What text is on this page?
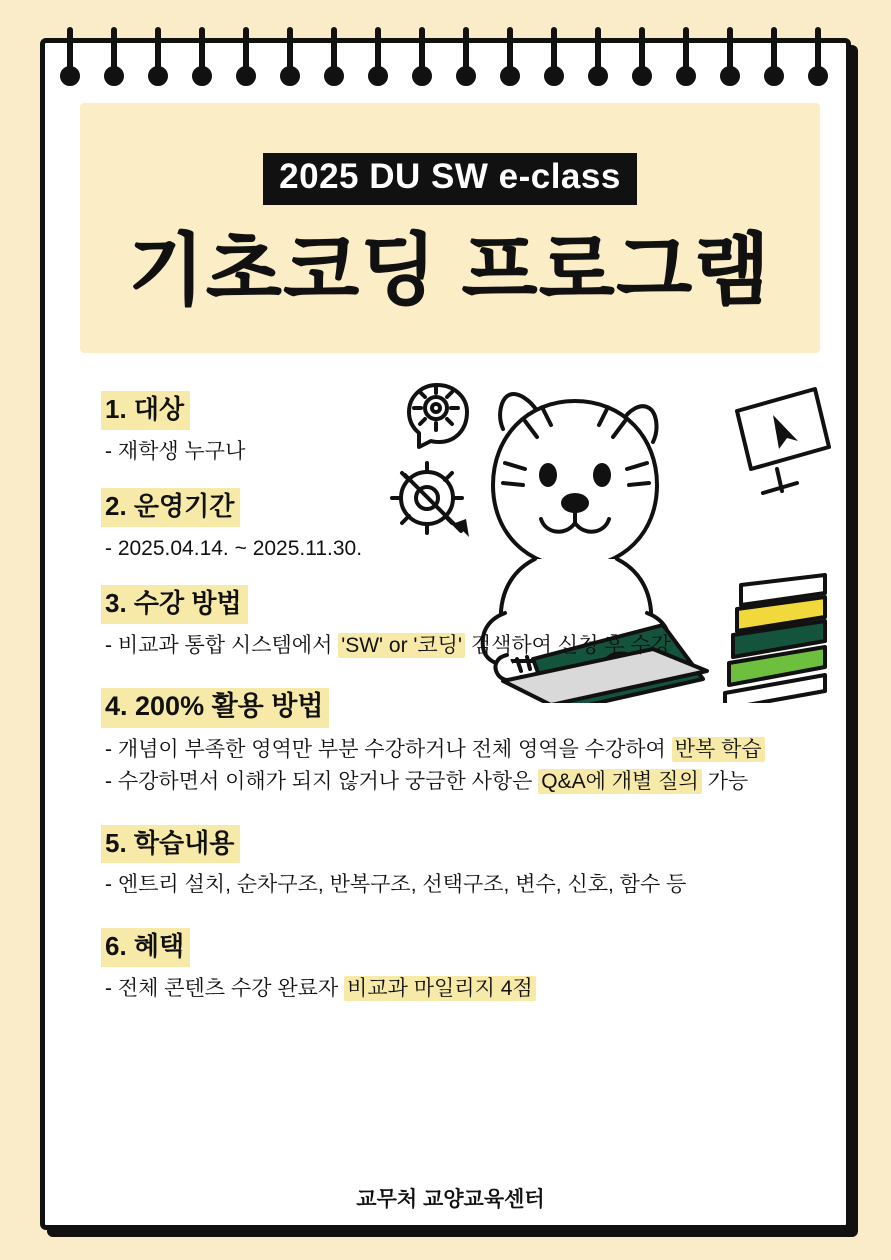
2025 DU SW e-class
기초코딩 프로그램
1. 대상
- 재학생 누구나
2. 운영기간
- 2025.04.14. ~ 2025.11.30.
3. 수강 방법
- 비교과 통합 시스템에서 'SW' or '코딩' 검색하여 신청 후 수강
4. 200% 활용 방법
- 개념이 부족한 영역만 부분 수강하거나 전체 영역을 수강하여 반복 학습
- 수강하면서 이해가 되지 않거나 궁금한 사항은 Q&A에 개별 질의 가능
5. 학습내용
- 엔트리 설치, 순차구조, 반복구조, 선택구조, 변수, 신호, 함수 등
6. 혜택
- 전체 콘텐츠 수강 완료자 비교과 마일리지 4점
교무처 교양교육센터
